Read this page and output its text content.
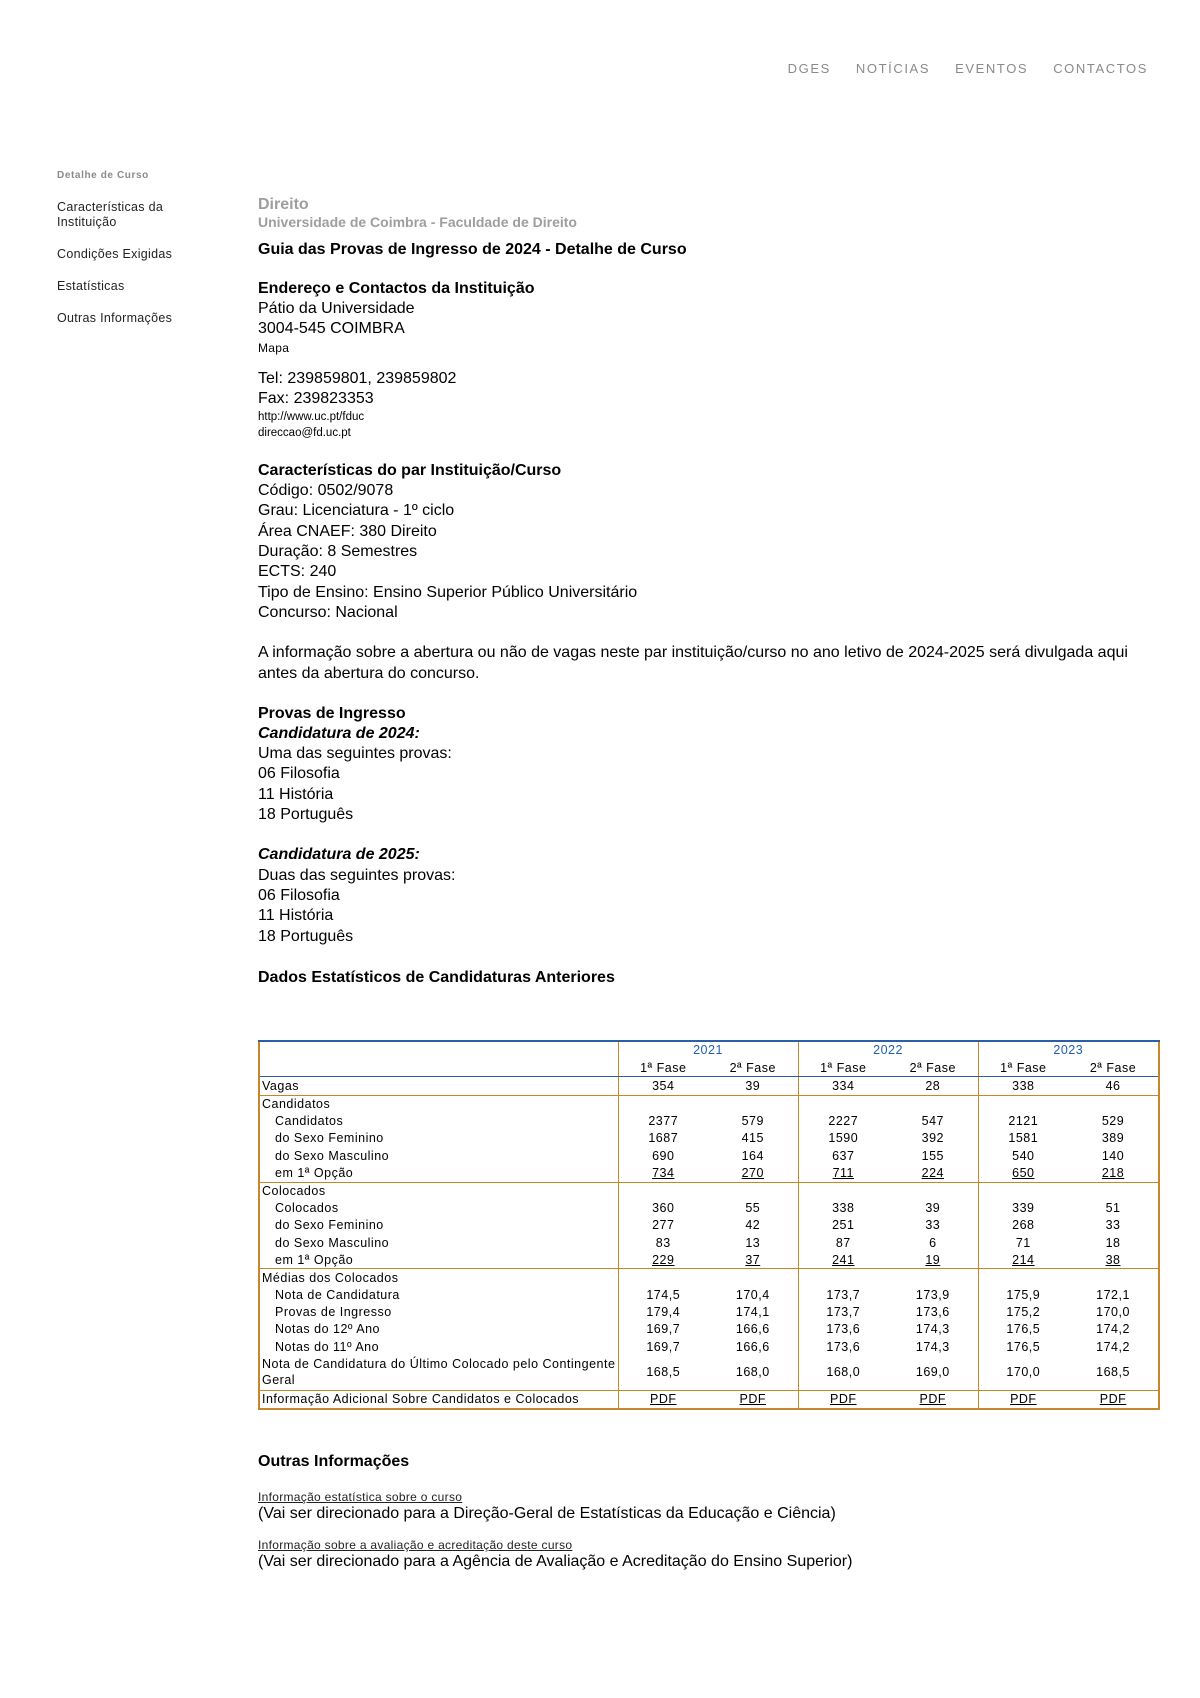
DGES NOTÍCIAS EVENTOS CONTACTOS
Detalhe de Curso
Características da Instituição
Condições Exigidas
Estatísticas
Outras Informações
Direito
Universidade de Coimbra - Faculdade de Direito
Guia das Provas de Ingresso de 2024 - Detalhe de Curso
Endereço e Contactos da Instituição
Pátio da Universidade
3004-545 COIMBRA
Mapa
Tel: 239859801, 239859802
Fax: 239823353
http://www.uc.pt/fduc
direccao@fd.uc.pt
Características do par Instituição/Curso
Código: 0502/9078
Grau: Licenciatura - 1º ciclo
Área CNAEF: 380 Direito
Duração: 8 Semestres
ECTS: 240
Tipo de Ensino: Ensino Superior Público Universitário
Concurso: Nacional
A informação sobre a abertura ou não de vagas neste par instituição/curso no ano letivo de 2024-2025 será divulgada aqui antes da abertura do concurso.
Provas de Ingresso
Candidatura de 2024:
Uma das seguintes provas:
06 Filosofia
11 História
18 Português
Candidatura de 2025:
Duas das seguintes provas:
06 Filosofia
11 História
18 Português
Dados Estatísticos de Candidaturas Anteriores
	2021		2022		2023	
	1ª Fase	2ª Fase	1ª Fase	2ª Fase	1ª Fase	2ª Fase
Vagas	354	39	334	28	338	46
Candidatos						
Candidatos	2377	579	2227	547	2121	529
do Sexo Feminino	1687	415	1590	392	1581	389
do Sexo Masculino	690	164	637	155	540	140
em 1ª Opção	734	270	711	224	650	218
Colocados						
Colocados	360	55	338	39	339	51
do Sexo Feminino	277	42	251	33	268	33
do Sexo Masculino	83	13	87	6	71	18
em 1ª Opção	229	37	241	19	214	38
Médias dos Colocados						
Nota de Candidatura	174,5	170,4	173,7	173,9	175,9	172,1
Provas de Ingresso	179,4	174,1	173,7	173,6	175,2	170,0
Notas do 12º Ano	169,7	166,6	173,6	174,3	176,5	174,2
Notas do 11º Ano	169,7	166,6	173,6	174,3	176,5	174,2
Nota de Candidatura do Último Colocado pelo Contingente Geral	168,5	168,0	168,0	169,0	170,0	168,5
Informação Adicional Sobre Candidatos e Colocados	PDF	PDF	PDF	PDF	PDF	PDF
Outras Informações
Informação estatística sobre o curso
(Vai ser direcionado para a Direção-Geral de Estatísticas da Educação e Ciência)
Informação sobre a avaliação e acreditação deste curso
(Vai ser direcionado para a Agência de Avaliação e Acreditação do Ensino Superior)
